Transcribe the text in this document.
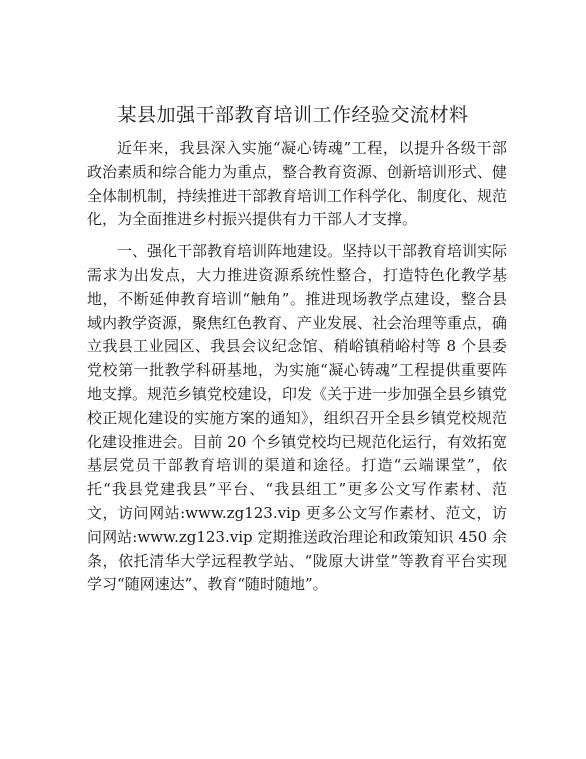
某县加强干部教育培训工作经验交流材料

近年来，我县深入实施“凝心铸魂”工程，以提升各级干部政治素质和综合能力为重点，整合教育资源、创新培训形式、健全体制机制，持续推进干部教育培训工作科学化、制度化、规范化，为全面推进乡村振兴提供有力干部人才支撑。

一、强化干部教育培训阵地建设。坚持以干部教育培训实际需求为出发点，大力推进资源系统性整合，打造特色化教学基地，不断延伸教育培训“触角”。推进现场教学点建设，整合县域内教学资源，聚焦红色教育、产业发展、社会治理等重点，确立我县工业园区、我县会议纪念馆、稍峪镇稍峪村等 8 个县委党校第一批教学科研基地，为实施“凝心铸魂”工程提供重要阵地支撑。规范乡镇党校建设，印发《关于进一步加强全县乡镇党校正规化建设的实施方案的通知》，组织召开全县乡镇党校规范化建设推进会。目前 20 个乡镇党校均已规范化运行，有效拓宽基层党员干部教育培训的渠道和途径。打造“云端课堂”，依托“我县党建我县”平台、“我县组工”更多公文写作素材、范文，访问网站:www.zg123.vip 更多公文写作素材、范文，访问网站:www.zg123.vip 定期推送政治理论和政策知识 450 余条，依托清华大学远程教学站、“陇原大讲堂”等教育平台实现学习“随网速达”、教育“随时随地”。
